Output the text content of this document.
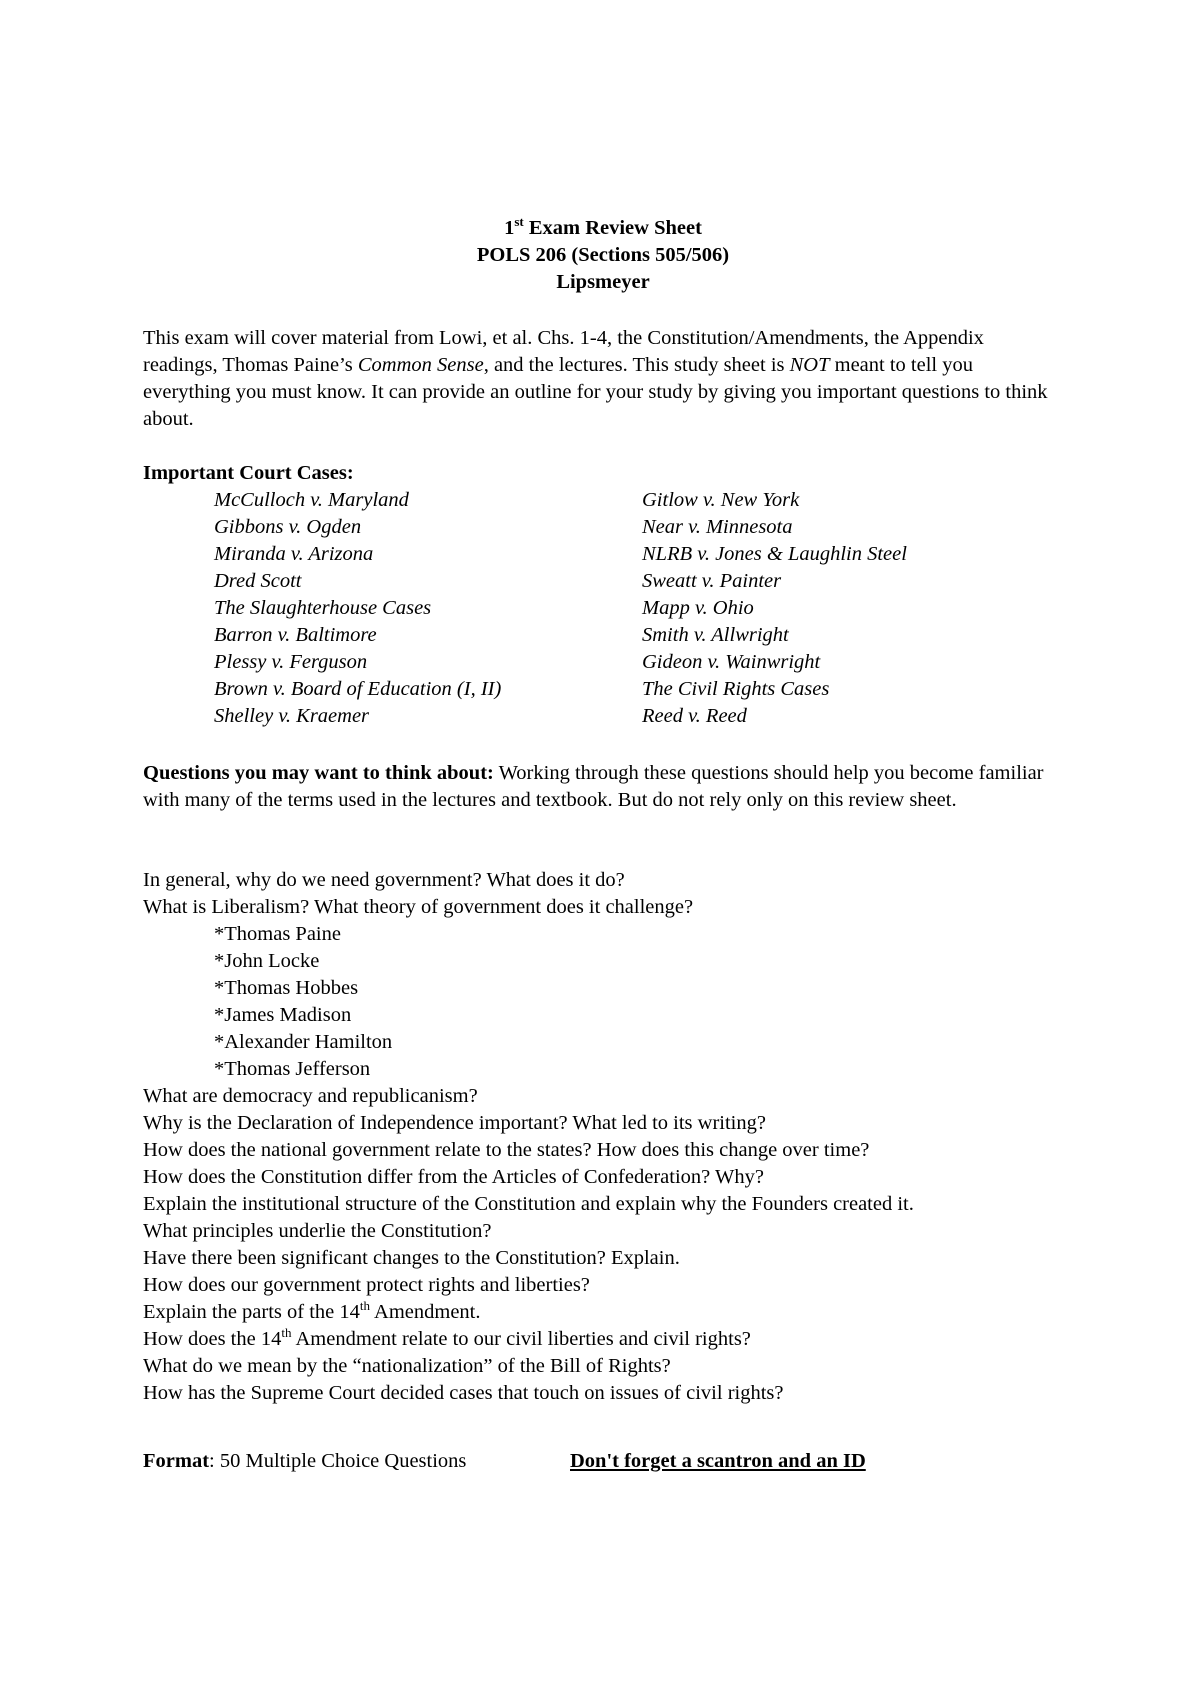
1st Exam Review Sheet
POLS 206 (Sections 505/506)
Lipsmeyer
This exam will cover material from Lowi, et al. Chs. 1-4, the Constitution/Amendments, the Appendix readings, Thomas Paine’s Common Sense, and the lectures. This study sheet is NOT meant to tell you everything you must know. It can provide an outline for your study by giving you important questions to think about.
Important Court Cases:
McCulloch v. Maryland	Gitlow v. New York
Gibbons v. Ogden	Near v. Minnesota
Miranda v. Arizona	NLRB v. Jones & Laughlin Steel
Dred Scott	Sweatt v. Painter
The Slaughterhouse Cases	Mapp v. Ohio
Barron v. Baltimore	Smith v. Allwright
Plessy v. Ferguson	Gideon v. Wainwright
Brown v. Board of Education (I, II)	The Civil Rights Cases
Shelley v. Kraemer	Reed v. Reed
Questions you may want to think about: Working through these questions should help you become familiar with many of the terms used in the lectures and textbook. But do not rely only on this review sheet.
In general, why do we need government? What does it do?
What is Liberalism? What theory of government does it challenge?
*Thomas Paine
*John Locke
*Thomas Hobbes
*James Madison
*Alexander Hamilton
*Thomas Jefferson
What are democracy and republicanism?
Why is the Declaration of Independence important? What led to its writing?
How does the national government relate to the states? How does this change over time?
How does the Constitution differ from the Articles of Confederation? Why?
Explain the institutional structure of the Constitution and explain why the Founders created it.
What principles underlie the Constitution?
Have there been significant changes to the Constitution? Explain.
How does our government protect rights and liberties?
Explain the parts of the 14th Amendment.
How does the 14th Amendment relate to our civil liberties and civil rights?
What do we mean by the “nationalization” of the Bill of Rights?
How has the Supreme Court decided cases that touch on issues of civil rights?
Format: 50 Multiple Choice Questions	Don't forget a scantron and an ID
